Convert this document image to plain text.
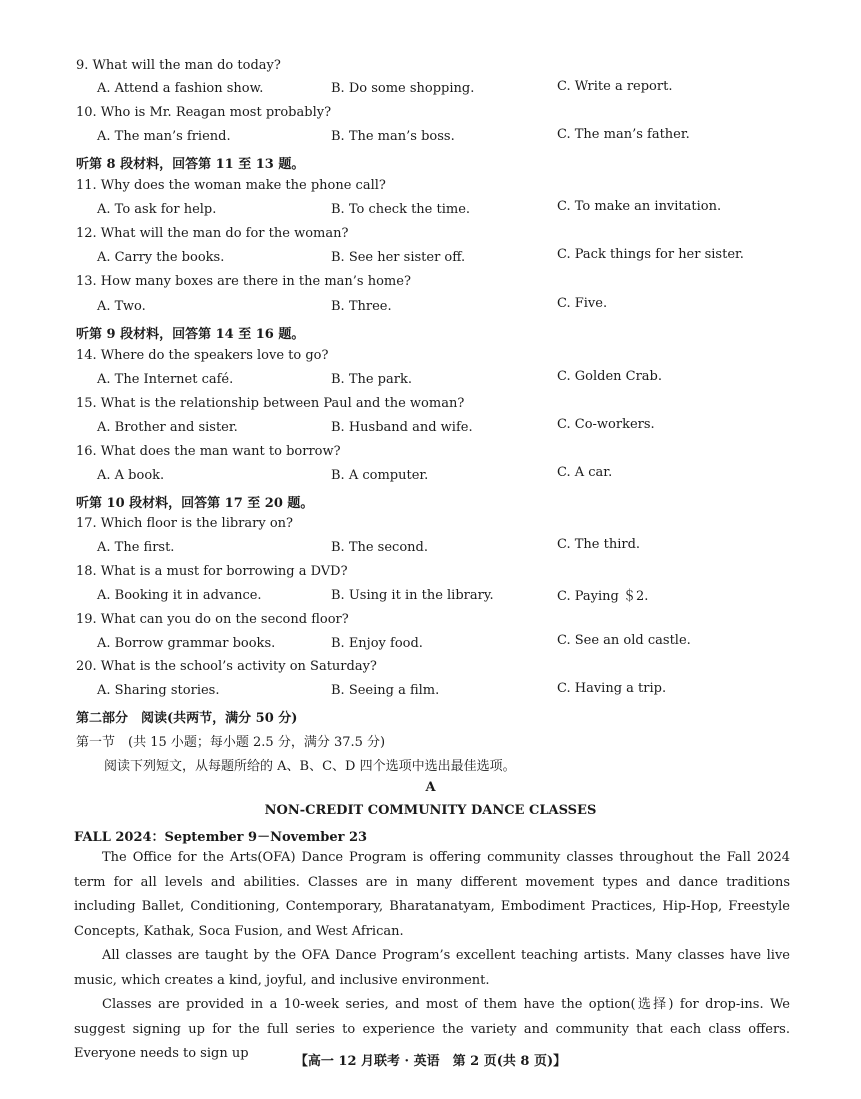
9. What will the man do today?
A. Attend a fashion show.	B. Do some shopping.	C. Write a report.
10. Who is Mr. Reagan most probably?
A. The man’s friend.	B. The man’s boss.	C. The man’s father.
听第 8 段材料，回答第 11 至 13 题。
11. Why does the woman make the phone call?
A. To ask for help.	B. To check the time.	C. To make an invitation.
12. What will the man do for the woman?
A. Carry the books.	B. See her sister off.	C. Pack things for her sister.
13. How many boxes are there in the man’s home?
A. Two.	B. Three.	C. Five.
听第 9 段材料，回答第 14 至 16 题。
14. Where do the speakers love to go?
A. The Internet café.	B. The park.	C. Golden Crab.
15. What is the relationship between Paul and the woman?
A. Brother and sister.	B. Husband and wife.	C. Co-workers.
16. What does the man want to borrow?
A. A book.	B. A computer.	C. A car.
听第 10 段材料，回答第 17 至 20 题。
17. Which floor is the library on?
A. The first.	B. The second.	C. The third.
18. What is a must for borrowing a DVD?
A. Booking it in advance.	B. Using it in the library.	C. Paying ＄2.
19. What can you do on the second floor?
A. Borrow grammar books.	B. Enjoy food.	C. See an old castle.
20. What is the school’s activity on Saturday?
A. Sharing stories.	B. Seeing a film.	C. Having a trip.
第二部分　阅读(共两节，满分 50 分)
第一节　(共 15 小题；每小题 2.5 分，满分 37.5 分)
阅读下列短文，从每题所给的 A、B、C、D 四个选项中选出最佳选项。
A
NON-CREDIT COMMUNITY DANCE CLASSES
FALL 2024：September 9－November 23
The Office for the Arts(OFA) Dance Program is offering community classes throughout the Fall 2024 term for all levels and abilities. Classes are in many different movement types and dance traditions including Ballet, Conditioning, Contemporary, Bharatanatyam, Embodiment Practices, Hip-Hop, Freestyle Concepts, Kathak, Soca Fusion, and West African.
All classes are taught by the OFA Dance Program’s excellent teaching artists. Many classes have live music, which creates a kind, joyful, and inclusive environment.
Classes are provided in a 10-week series, and most of them have the option(选择) for drop-ins. We suggest signing up for the full series to experience the variety and community that each class offers. Everyone needs to sign up
【高一 12 月联考 · 英语　第 2 页(共 8 页)】
